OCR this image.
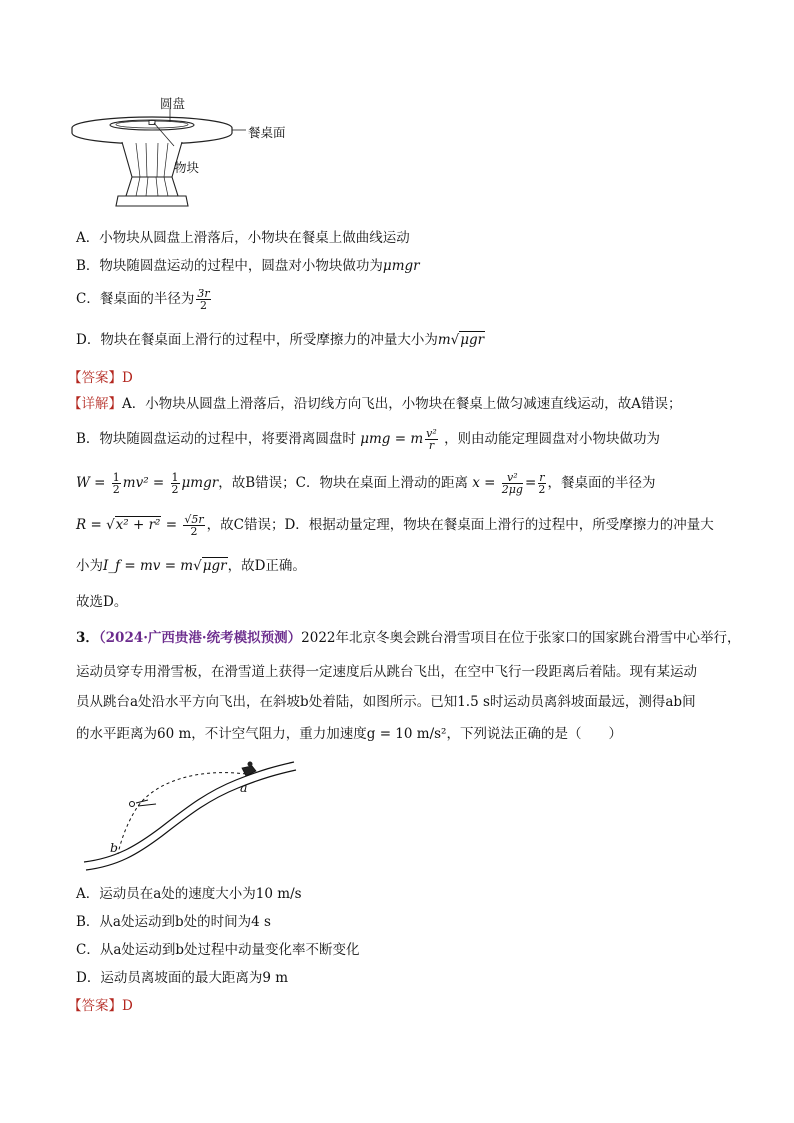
圆盘
餐桌面
物块
A．小物块从圆盘上滑落后，小物块在餐桌上做曲线运动
B．物块随圆盘运动的过程中，圆盘对小物块做功为μmgr
C．餐桌面的半径为 $\frac{3r}{2}$
D．物块在餐桌面上滑行的过程中，所受摩擦力的冲量大小为m√μgr
【答案】D
【详解】A．小物块从圆盘上滑落后，沿切线方向飞出，小物块在餐桌上做匀减速直线运动，故A错误；
B．物块随圆盘运动的过程中，将要滑离圆盘时 μmg = m $\frac{\text{v²}}{r}$ ，则由动能定理圆盘对小物块做功为
$W = \frac{1}{2} mv^2 = \frac{1}{2}$ μmgr，故B错误；C．物块在桌面上滑动的距离 $x = \frac{\text{v²}}{2\mu g} = \frac{r}{2}$ ，餐桌面的半径为
$R = √x^2 + r^2 = \frac{√5r}{2}$ ，故C错误；D．根据动量定理，物块在餐桌面上滑行的过程中，所受摩擦力的冲量大
小为I_f = mv = m√μgr，故D正确。
故选D。
3．（2024·广西贵港·统考模拟预测）2022年北京冬奥会跳台滑雪项目在位于张家口的国家跳台滑雪中心举行，
运动员穿专用滑雪板，在滑雪道上获得一定速度后从跳台飞出，在空中飞行一段距离后着陆。现有某运动
员从跳台a处沿水平方向飞出，在斜坡b处着陆，如图所示。已知1.5 s时运动员离斜坡面最远，测得ab间
的水平距离为60 m，不计空气阻力，重力加速度g = 10 m/s²，下列说法正确的是（　　）
a
b
A．运动员在a处的速度大小为10 m/s
B．从a处运动到b处的时间为4 s
C．从a处运动到b处过程中动量变化率不断变化
D．运动员离坡面的最大距离为9 m
【答案】D
